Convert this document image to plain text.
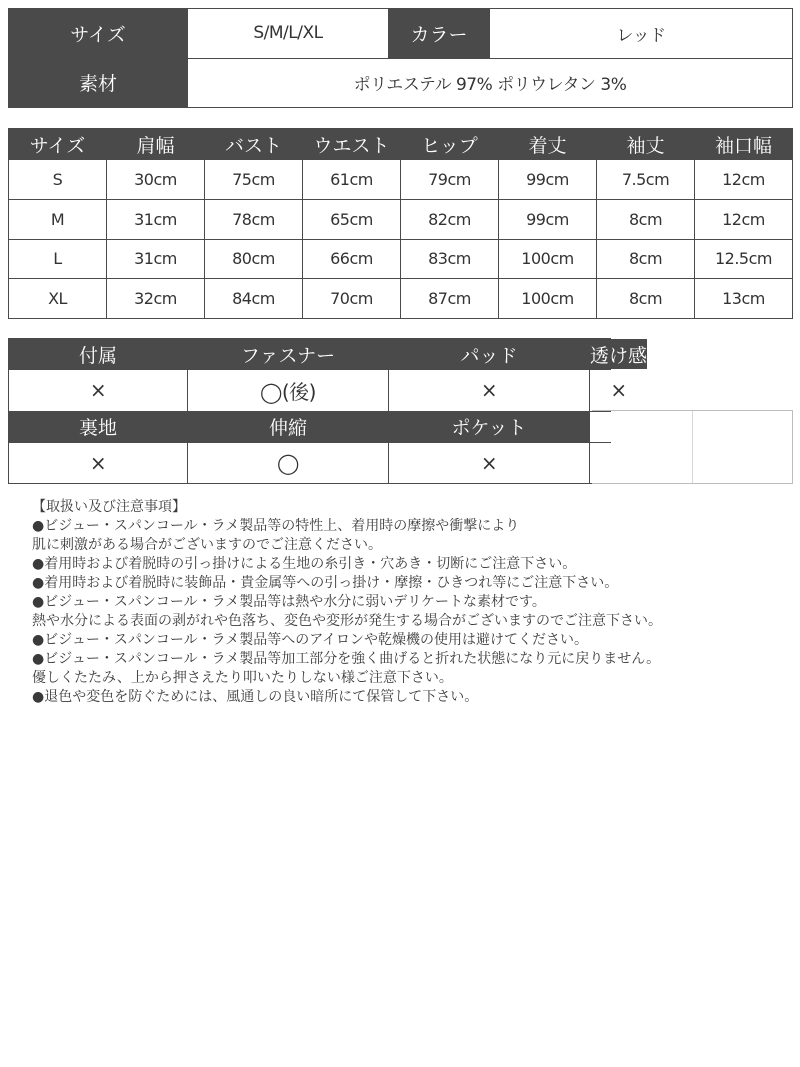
サイズ	S/M/L/XL	カラー	レッド
素材	ポリエステル 97% ポリウレタン 3%
サイズ	肩幅	バスト	ウエスト	ヒップ	着丈	袖丈	袖口幅
S	30cm	75cm	61cm	79cm	99cm	7.5cm	12cm
M	31cm	78cm	65cm	82cm	99cm	8cm	12cm
L	31cm	80cm	66cm	83cm	100cm	8cm	12.5cm
XL	32cm	84cm	70cm	87cm	100cm	8cm	13cm
付属	ファスナー	パッド	透け感
×	◯(後)	×	×
裏地	伸縮	ポケット
×	◯	×
【取扱い及び注意事項】
●ビジュー・スパンコール・ラメ製品等の特性上、着用時の摩擦や衝撃により
肌に刺激がある場合がございますのでご注意ください。
●着用時および着脱時の引っ掛けによる生地の糸引き・穴あき・切断にご注意下さい。
●着用時および着脱時に装飾品・貴金属等への引っ掛け・摩擦・ひきつれ等にご注意下さい。
●ビジュー・スパンコール・ラメ製品等は熱や水分に弱いデリケートな素材です。
熱や水分による表面の剥がれや色落ち、変色や変形が発生する場合がございますのでご注意下さい。
●ビジュー・スパンコール・ラメ製品等へのアイロンや乾燥機の使用は避けてください。
●ビジュー・スパンコール・ラメ製品等加工部分を強く曲げると折れた状態になり元に戻りません。
優しくたたみ、上から押さえたり叩いたりしない様ご注意下さい。
●退色や変色を防ぐためには、風通しの良い暗所にて保管して下さい。
